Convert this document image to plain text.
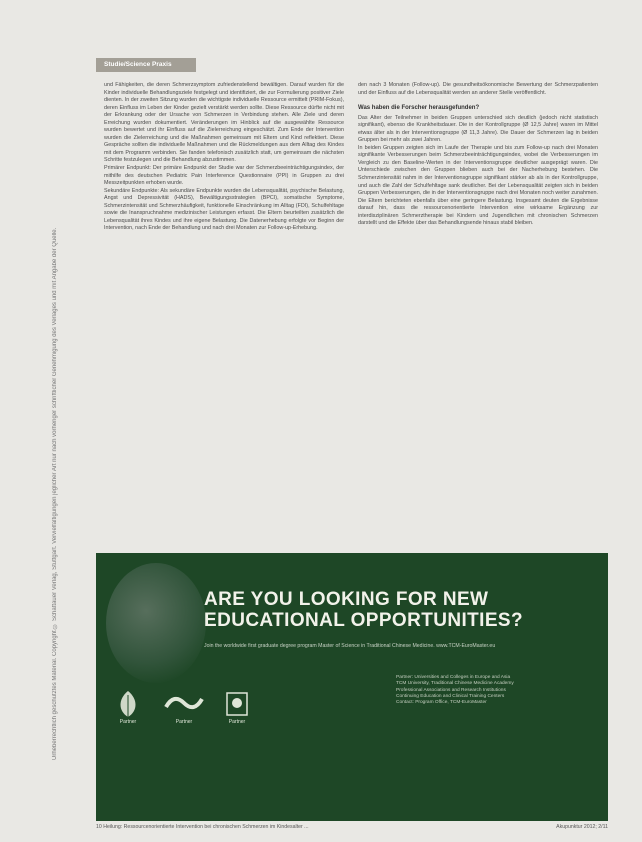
Urheberrechtlich geschütztes Material. Copyright © Schattauer Verlag, Stuttgart. Vervielfältigungen jeglicher Art nur nach vorheriger schriftlicher Genehmigung des Verlages und mit Angabe der Quelle.
Studie/Science Praxis

und Fähigkeiten, die deren Schmerzsymptom zufriedenstellend bewältigen. Darauf wurden für die Kinder individuelle Behandlungsziele festgelegt und identifiziert, die zur Formulierung positiver Ziele dienten. In der zweiten Sitzung wurden die wichtigste individuelle Ressource ermittelt (PRIM-Fokus), deren Einfluss im Leben der Kinder gezielt verstärkt werden sollte. Diese Ressource dürfte nicht mit der Erkrankung oder der Ursache von Schmerzen in Verbindung stehen. Alle Ziele und deren Erreichung wurden dokumentiert. Veränderungen im Hinblick auf die ausgewählte Ressource wurden bewertet und ihr Einfluss auf die Zielerreichung eingeschätzt. Zum Ende der Intervention wurden die Zielerreichung und die Maßnahmen gemeinsam mit Eltern und Kind reflektiert. Diese Gespräche sollten die individuelle Maßnahmen und die Rückmeldungen aus dem Alltag des Kindes mit dem Programm verbinden. Sie fanden telefonisch zusätzlich statt, um gemeinsam die nächsten Schritte festzulegen und die Behandlung abzustimmen.

Primärer Endpunkt: Der primäre Endpunkt der Studie war der Schmerzbeeinträchtigungsindex, der mithilfe des deutschen Pediatric Pain Interference Questionnaire (PPI) in Gruppen zu drei Messzeitpunkten erhoben wurde.

Sekundäre Endpunkte: Als sekundäre Endpunkte wurden die Lebensqualität, psychische Belastung, Angst und Depressivität (HADS), Bewältigungsstrategien (BPCI), somatische Symptome, Schmerzintensität und Schmerzhäufigkeit, funktionelle Einschränkung im Alltag (FDI), Schulfehltage sowie die Inanspruchnahme medizinischer Leistungen erfasst. Die Eltern beurteilten zusätzlich die Lebensqualität ihres Kindes und ihre eigene Belastung. Die Datenerhebung erfolgte vor Beginn der Intervention, nach Ende der Behandlung und nach drei Monaten zur Follow-up-Erhebung.

den nach 3 Monaten (Follow-up). Die gesundheitsökonomische Bewertung der Schmerzpatienten und der Einfluss auf die Lebensqualität werden an anderer Stelle veröffentlicht.

Was haben die Forscher herausgefunden?

Das Alter der Teilnehmer in beiden Gruppen unterschied sich deutlich (jedoch nicht statistisch signifikant), ebenso die Krankheitsdauer. Die in der Kontrollgruppe (Ø 12,5 Jahre) waren im Mittel etwas älter als in der Interventionsgruppe (Ø 11,3 Jahre). Die Dauer der Schmerzen lag in beiden Gruppen bei mehr als zwei Jahren.

In beiden Gruppen zeigten sich im Laufe der Therapie und bis zum Follow-up nach drei Monaten signifikante Verbesserungen beim Schmerzbeeinträchtigungsindex, wobei die Verbesserungen im Vergleich zu den Baseline-Werten in der Interventionsgruppe deutlicher ausgeprägt waren. Die Unterschiede zwischen den Gruppen blieben auch bei der Nacherhebung bestehen. Die Schmerzintensität nahm in der Interventionsgruppe signifikant stärker ab als in der Kontrollgruppe, und auch die Zahl der Schulfehltage sank deutlicher. Bei der Lebensqualität zeigten sich in beiden Gruppen Verbesserungen, die in der Interventionsgruppe nach drei Monaten noch weiter zunahmen. Die Eltern berichteten ebenfalls über eine geringere Belastung. Insgesamt deuten die Ergebnisse darauf hin, dass die ressourcenorientierte Intervention eine wirksame Ergänzung zur interdisziplinären Schmerztherapie bei Kindern und Jugendlichen mit chronischen Schmerzen darstellt und die Effekte über das Behandlungsende hinaus stabil bleiben.

ARE YOU LOOKING FOR NEW
EDUCATIONAL OPPORTUNITIES?
Join the worldwide first graduate degree program Master of Science in Traditional Chinese Medicine. www.TCM-EuroMaster.eu
Partner	Partner	Partner
Partner: Universities and Colleges in Europe and Asia
TCM University, Traditional Chinese Medicine Academy
Professional Associations and Research Institutions
Continuing Education and Clinical Training Centers
Contact: Program Office, TCM-EuroMaster
10 Heilung: Ressourcenorientierte Intervention bei chronischen Schmerzen im Kindesalter ...	Akupunktur 2012; 2/11
